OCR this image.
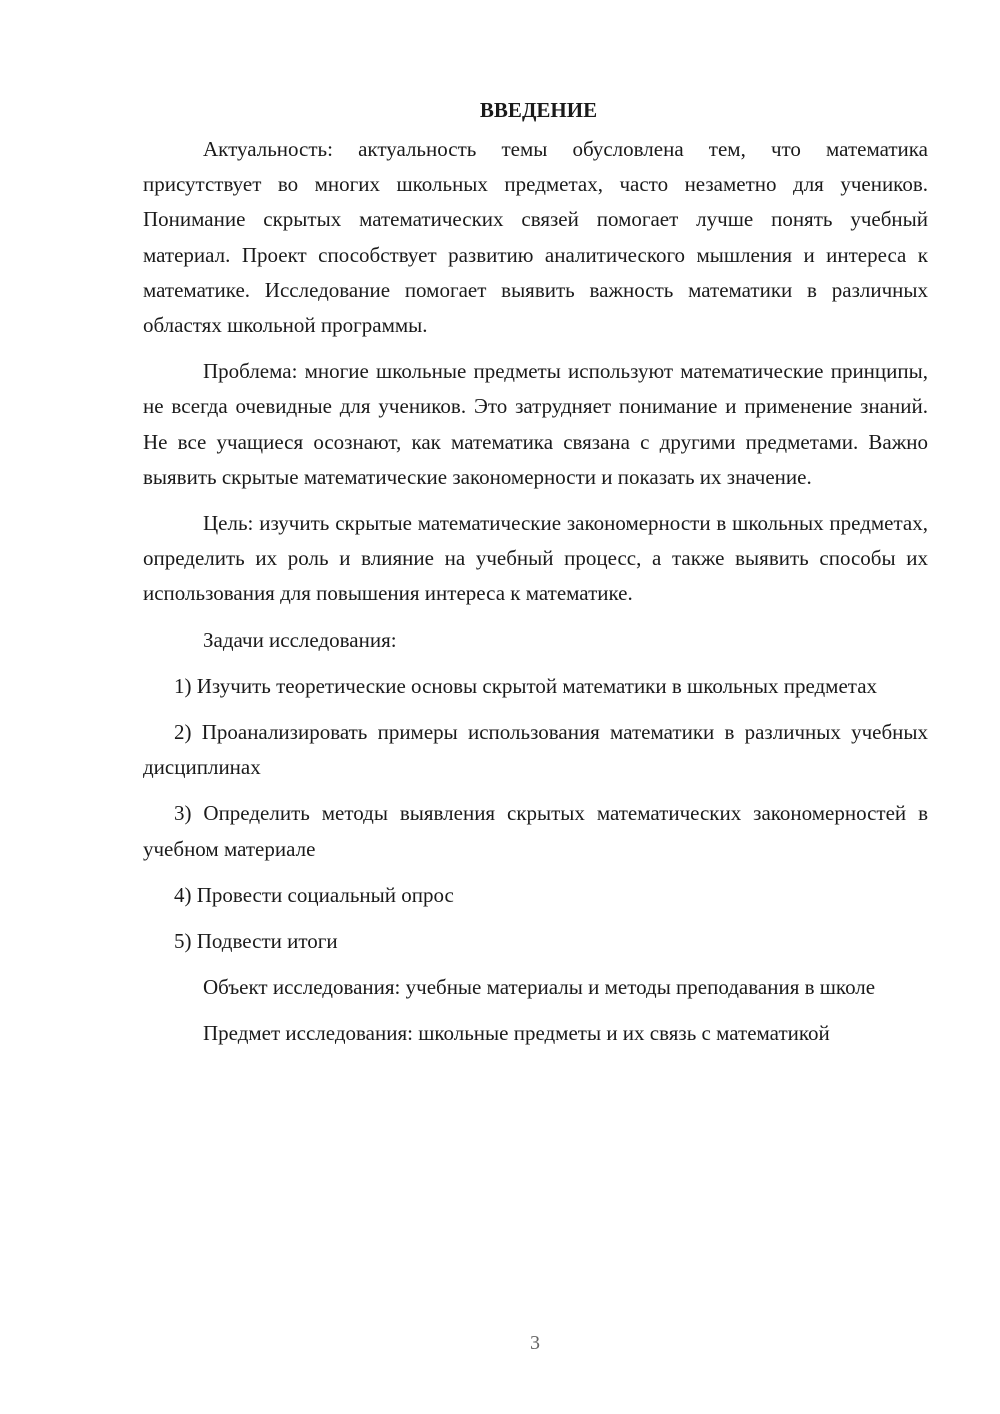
ВВЕДЕНИЕ

Актуальность: актуальность темы обусловлена тем, что математика присутствует во многих школьных предметах, часто незаметно для учеников. Понимание скрытых математических связей помогает лучше понять учебный материал. Проект способствует развитию аналитического мышления и интереса к математике. Исследование помогает выявить важность математики в различных областях школьной программы.

Проблема: многие школьные предметы используют математические принципы, не всегда очевидные для учеников. Это затрудняет понимание и применение знаний. Не все учащиеся осознают, как математика связана с другими предметами. Важно выявить скрытые математические закономерности и показать их значение.

Цель: изучить скрытые математические закономерности в школьных предметах, определить их роль и влияние на учебный процесс, а также выявить способы их использования для повышения интереса к математике.

Задачи исследования:

1) Изучить теоретические основы скрытой математики в школьных предметах

2) Проанализировать примеры использования математики в различных учебных дисциплинах

3) Определить методы выявления скрытых математических закономерностей в учебном материале

4) Провести социальный опрос

5) Подвести итоги

Объект исследования: учебные материалы и методы преподавания в школе

Предмет исследования: школьные предметы и их связь с математикой

3
